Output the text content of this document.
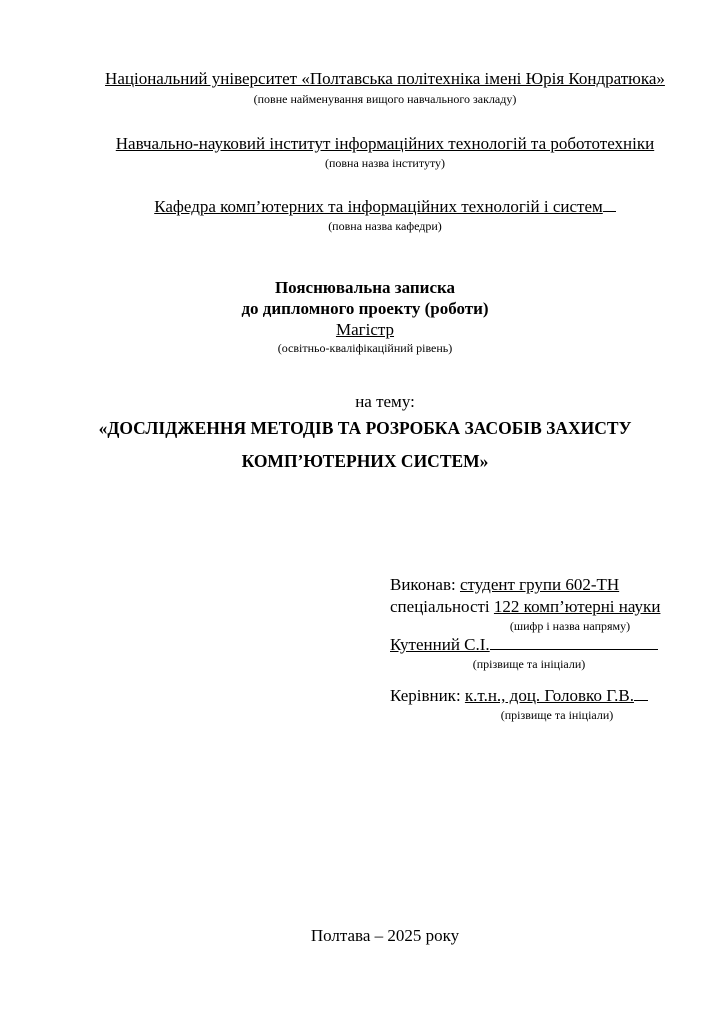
Національний університет «Полтавська політехніка імені Юрія Кондратюка»
(повне найменування вищого навчального закладу)
Навчально-науковий інститут інформаційних технологій та робототехніки
(повна назва інституту)
Кафедра комп’ютерних та інформаційних технологій і систем
(повна назва кафедри)
Пояснювальна записка
до дипломного проекту (роботи)
Магістр
(освітньо-кваліфікаційний рівень)
на тему:
«ДОСЛІДЖЕННЯ МЕТОДІВ ТА РОЗРОБКА ЗАСОБІВ ЗАХИСТУ
КОМП’ЮТЕРНИХ СИСТЕМ»
Виконав: студент групи 602-ТН
спеціальності 122 комп’ютерні науки
(шифр і назва напряму)
Кутенний С.І.
(прізвище та ініціали)
Керівник: к.т.н., доц. Головко Г.В.
(прізвище та ініціали)
Полтава – 2025 року
